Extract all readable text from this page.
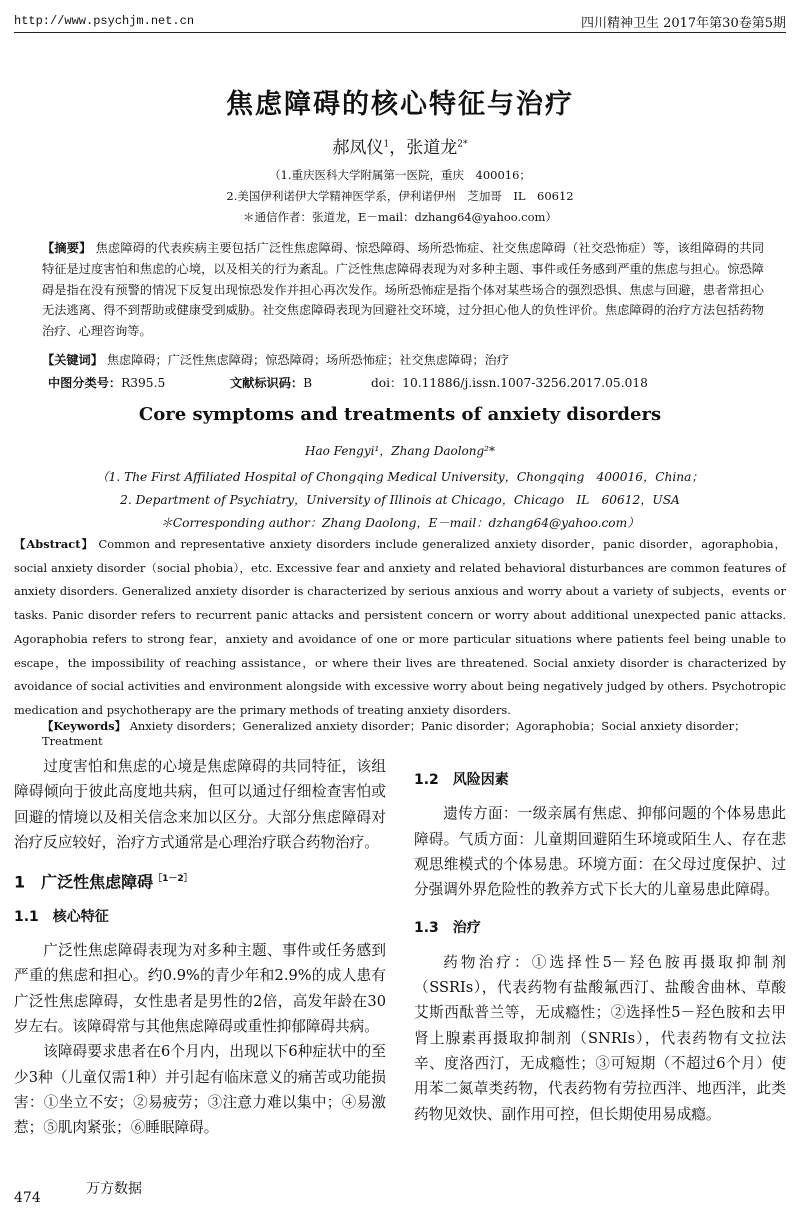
http://www.psychjm.net.cn	四川精神卫生 2017年第30卷第5期
焦虑障碍的核心特征与治疗
郝凤仪$^1$，张道龙$^{2*}$
（1.重庆医科大学附属第一医院，重庆　400016；
2.美国伊利诺伊大学精神医学系，伊利诺伊州　芝加哥　IL　60612
＊通信作者：张道龙，E－mail：dzhang64@yahoo.com）
【摘要】 焦虑障碍的代表疾病主要包括广泛性焦虑障碍、惊恐障碍、场所恐怖症、社交焦虑障碍（社交恐怖症）等，该组障碍的共同特征是过度害怕和焦虑的心境，以及相关的行为紊乱。广泛性焦虑障碍表现为对多种主题、事件或任务感到严重的焦虑与担心。惊恐障碍是指在没有预警的情况下反复出现惊恐发作并担心再次发作。场所恐怖症是指个体对某些场合的强烈恐惧、焦虑与回避，患者常担心无法逃离、得不到帮助或健康受到威胁。社交焦虑障碍表现为回避社交环境，过分担心他人的负性评价。焦虑障碍的治疗方法包括药物治疗、心理咨询等。
【关键词】 焦虑障碍；广泛性焦虑障碍；惊恐障碍；场所恐怖症；社交焦虑障碍；治疗
中图分类号：R395.5	文献标识码：B	doi：10.11886/j.issn.1007-3256.2017.05.018
Core symptoms and treatments of anxiety disorders
Hao Fengyi¹，Zhang Daolong²*
（1. The First Affiliated Hospital of Chongqing Medical University，Chongqing　400016，China；
2. Department of Psychiatry，University of Illinois at Chicago，Chicago　IL　60612，USA
＊Corresponding author：Zhang Daolong，E－mail：dzhang64@yahoo.com）
【Abstract】 Common and representative anxiety disorders include generalized anxiety disorder，panic disorder，agoraphobia，social anxiety disorder（social phobia），etc. Excessive fear and anxiety and related behavioral disturbances are common features of anxiety disorders. Generalized anxiety disorder is characterized by serious anxious and worry about a variety of subjects，events or tasks. Panic disorder refers to recurrent panic attacks and persistent concern or worry about additional unexpected panic attacks. Agoraphobia refers to strong fear，anxiety and avoidance of one or more particular situations where patients feel being unable to escape，the impossibility of reaching assistance，or where their lives are threatened. Social anxiety disorder is characterized by avoidance of social activities and environment alongside with excessive worry about being negatively judged by others. Psychotropic medication and psychotherapy are the primary methods of treating anxiety disorders.
【Keywords】 Anxiety disorders；Generalized anxiety disorder；Panic disorder；Agoraphobia；Social anxiety disorder；Treatment

过度害怕和焦虑的心境是焦虑障碍的共同特征，该组障碍倾向于彼此高度地共病，但可以通过仔细检查害怕或回避的情境以及相关信念来加以区分。大部分焦虑障碍对治疗反应较好，治疗方式通常是心理治疗联合药物治疗。

1　广泛性焦虑障碍$^{[1-2]}$
1.1　核心特征

广泛性焦虑障碍表现为对多种主题、事件或任务感到严重的焦虑和担心。约0.9%的青少年和2.9%的成人患有广泛性焦虑障碍，女性患者是男性的2倍，高发年龄在30岁左右。该障碍常与其他焦虑障碍或重性抑郁障碍共病。

该障碍要求患者在6个月内，出现以下6种症状中的至少3种（儿童仅需1种）并引起有临床意义的痛苦或功能损害：①坐立不安；②易疲劳；③注意力难以集中；④易激惹；⑤肌肉紧张；⑥睡眠障碍。

1.2　风险因素

遗传方面：一级亲属有焦虑、抑郁问题的个体易患此障碍。气质方面：儿童期回避陌生环境或陌生人、存在悲观思维模式的个体易患。环境方面：在父母过度保护、过分强调外界危险性的教养方式下长大的儿童易患此障碍。

1.3　治疗

药物治疗：①选择性5－羟色胺再摄取抑制剂（SSRIs），代表药物有盐酸氟西汀、盐酸舍曲林、草酸艾斯西酞普兰等，无成瘾性；②选择性5－羟色胺和去甲肾上腺素再摄取抑制剂（SNRIs），代表药物有文拉法辛、度洛西汀，无成瘾性；③可短期（不超过6个月）使用苯二氮䓬类药物，代表药物有劳拉西泮、地西泮，此类药物见效快、副作用可控，但长期使用易成瘾。

474
万方数据
